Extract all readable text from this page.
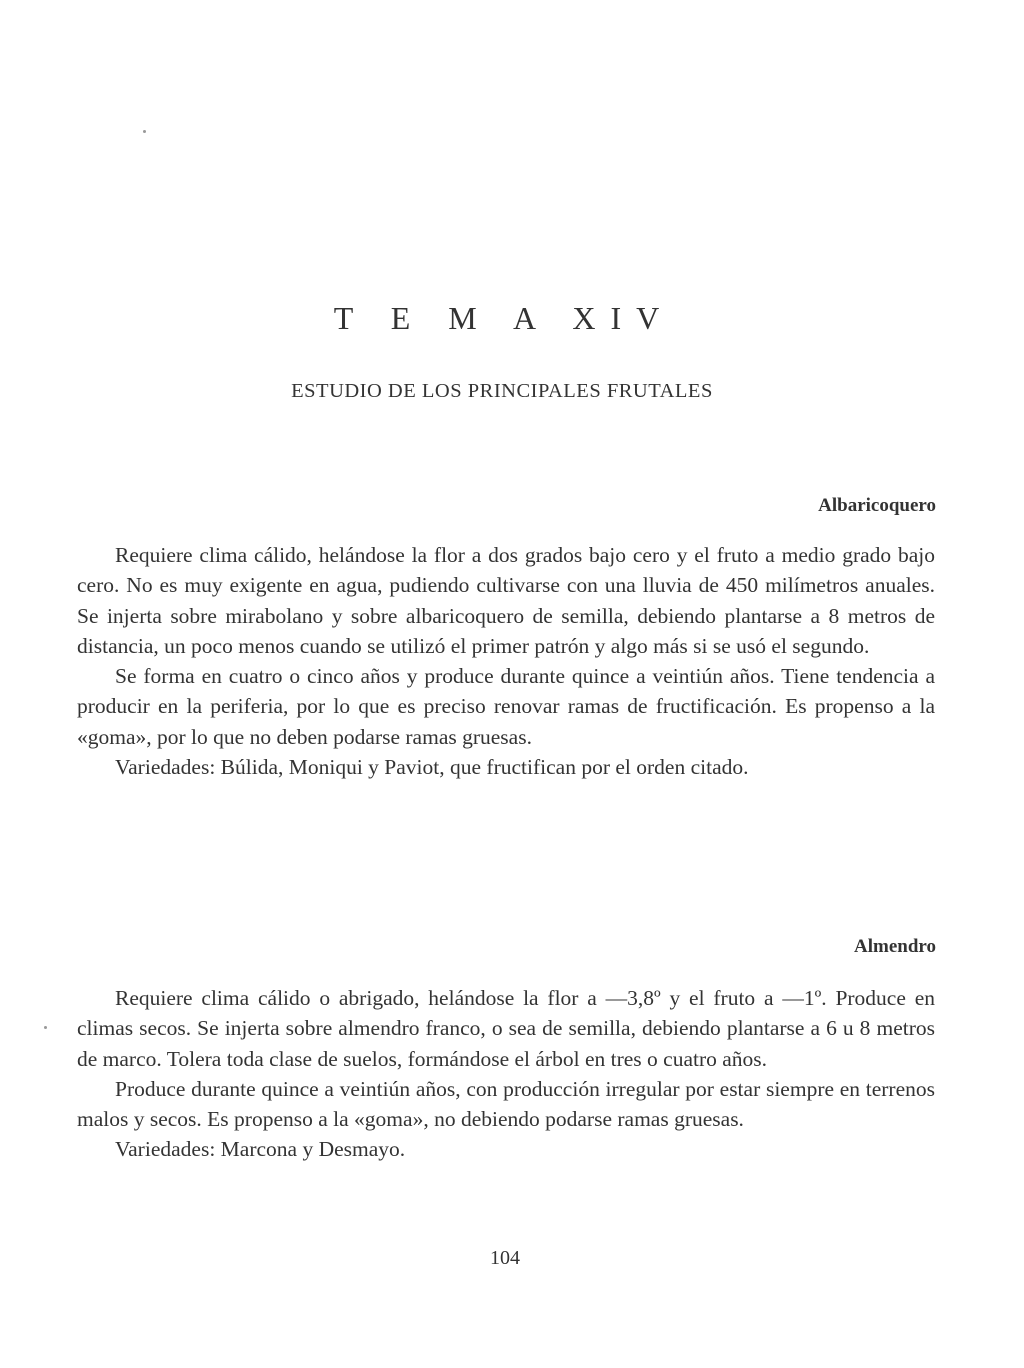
T E M A XIV
ESTUDIO DE LOS PRINCIPALES FRUTALES
Albaricoquero

Requiere clima cálido, helándose la flor a dos grados bajo cero y el fruto a medio grado bajo cero. No es muy exigente en agua, pudiendo cultivarse con una lluvia de 450 milímetros anuales. Se injerta sobre mirabolano y sobre albaricoquero de semilla, debiendo plantarse a 8 metros de distancia, un poco menos cuando se utilizó el primer patrón y algo más si se usó el segundo.

Se forma en cuatro o cinco años y produce durante quince a veintiún años. Tiene tendencia a producir en la periferia, por lo que es preciso renovar ramas de fructificación. Es propenso a la «goma», por lo que no deben podarse ramas gruesas.

Variedades: Búlida, Moniqui y Paviot, que fructifican por el orden citado.

Almendro

Requiere clima cálido o abrigado, helándose la flor a —3,8º y el fruto a —1º. Produce en climas secos. Se injerta sobre almendro franco, o sea de semilla, debiendo plantarse a 6 u 8 metros de marco. Tolera toda clase de suelos, formándose el árbol en tres o cuatro años.

Produce durante quince a veintiún años, con producción irregular por estar siempre en terrenos malos y secos. Es propenso a la «goma», no debiendo podarse ramas gruesas.

Variedades: Marcona y Desmayo.

104
